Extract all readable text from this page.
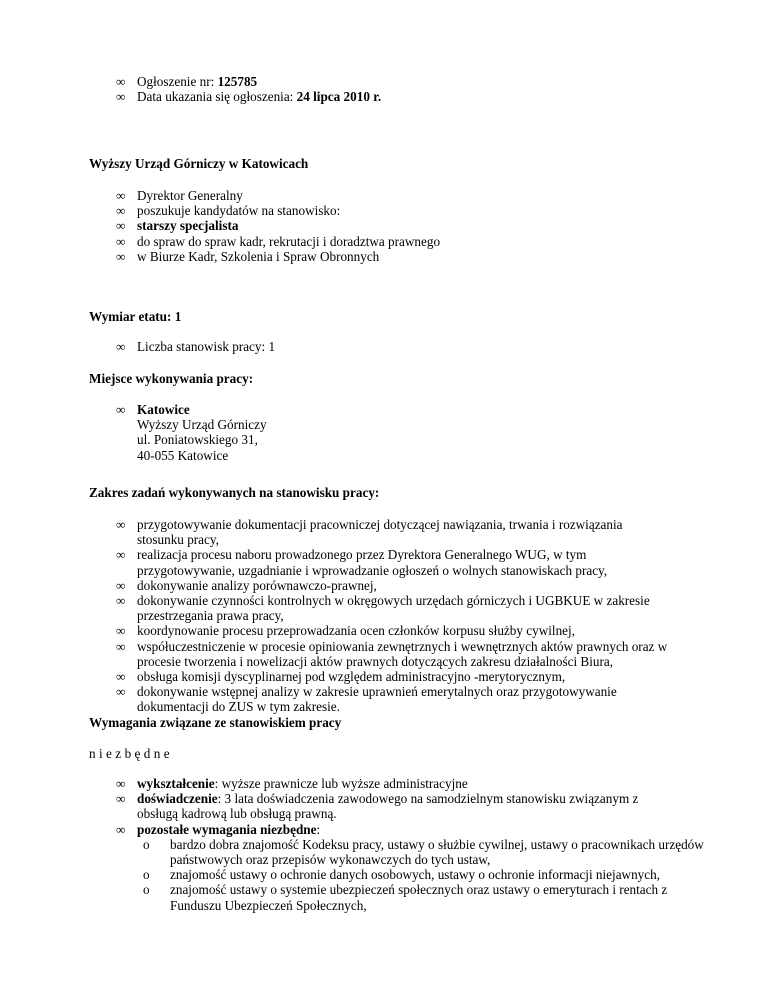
∞ Ogłoszenie nr: 125785
∞ Data ukazania się ogłoszenia: 24 lipca 2010 r.

Wyższy Urząd Górniczy w Katowicach

∞ Dyrektor Generalny
∞ poszukuje kandydatów na stanowisko:
∞ starszy specjalista
∞ do spraw do spraw kadr, rekrutacji i doradztwa prawnego
∞ w Biurze Kadr, Szkolenia i Spraw Obronnych

Wymiar etatu: 1

∞ Liczba stanowisk pracy: 1

Miejsce wykonywania pracy:

∞ Katowice
Wyższy Urząd Górniczy
ul. Poniatowskiego 31,
40-055 Katowice

Zakres zadań wykonywanych na stanowisku pracy:

∞ przygotowywanie dokumentacji pracowniczej dotyczącej nawiązania, trwania i rozwiązania stosunku pracy,
∞ realizacja procesu naboru prowadzonego przez Dyrektora Generalnego WUG, w tym przygotowywanie, uzgadnianie i wprowadzanie ogłoszeń o wolnych stanowiskach pracy,
∞ dokonywanie analizy porównawczo-prawnej,
∞ dokonywanie czynności kontrolnych w okręgowych urzędach górniczych i UGBKUE w zakresie przestrzegania prawa pracy,
∞ koordynowanie procesu przeprowadzania ocen członków korpusu służby cywilnej,
∞ współuczestniczenie w procesie opiniowania zewnętrznych i wewnętrznych aktów prawnych oraz w procesie tworzenia i nowelizacji aktów prawnych dotyczących zakresu działalności Biura,
∞ obsługa komisji dyscyplinarnej pod względem administracyjno -merytorycznym,
∞ dokonywanie wstępnej analizy w zakresie uprawnień emerytalnych oraz przygotowywanie dokumentacji do ZUS w tym zakresie.

Wymagania związane ze stanowiskiem pracy

niezbędne

∞ wykształcenie: wyższe prawnicze lub wyższe administracyjne
∞ doświadczenie: 3 lata doświadczenia zawodowego na samodzielnym stanowisku związanym z obsługą kadrową lub obsługą prawną.
∞ pozostałe wymagania niezbędne:
o bardzo dobra znajomość Kodeksu pracy, ustawy o służbie cywilnej, ustawy o pracownikach urzędów państwowych oraz przepisów wykonawczych do tych ustaw,
o znajomość ustawy o ochronie danych osobowych, ustawy o ochronie informacji niejawnych,
o znajomość ustawy o systemie ubezpieczeń społecznych oraz ustawy o emeryturach i rentach z Funduszu Ubezpieczeń Społecznych,
